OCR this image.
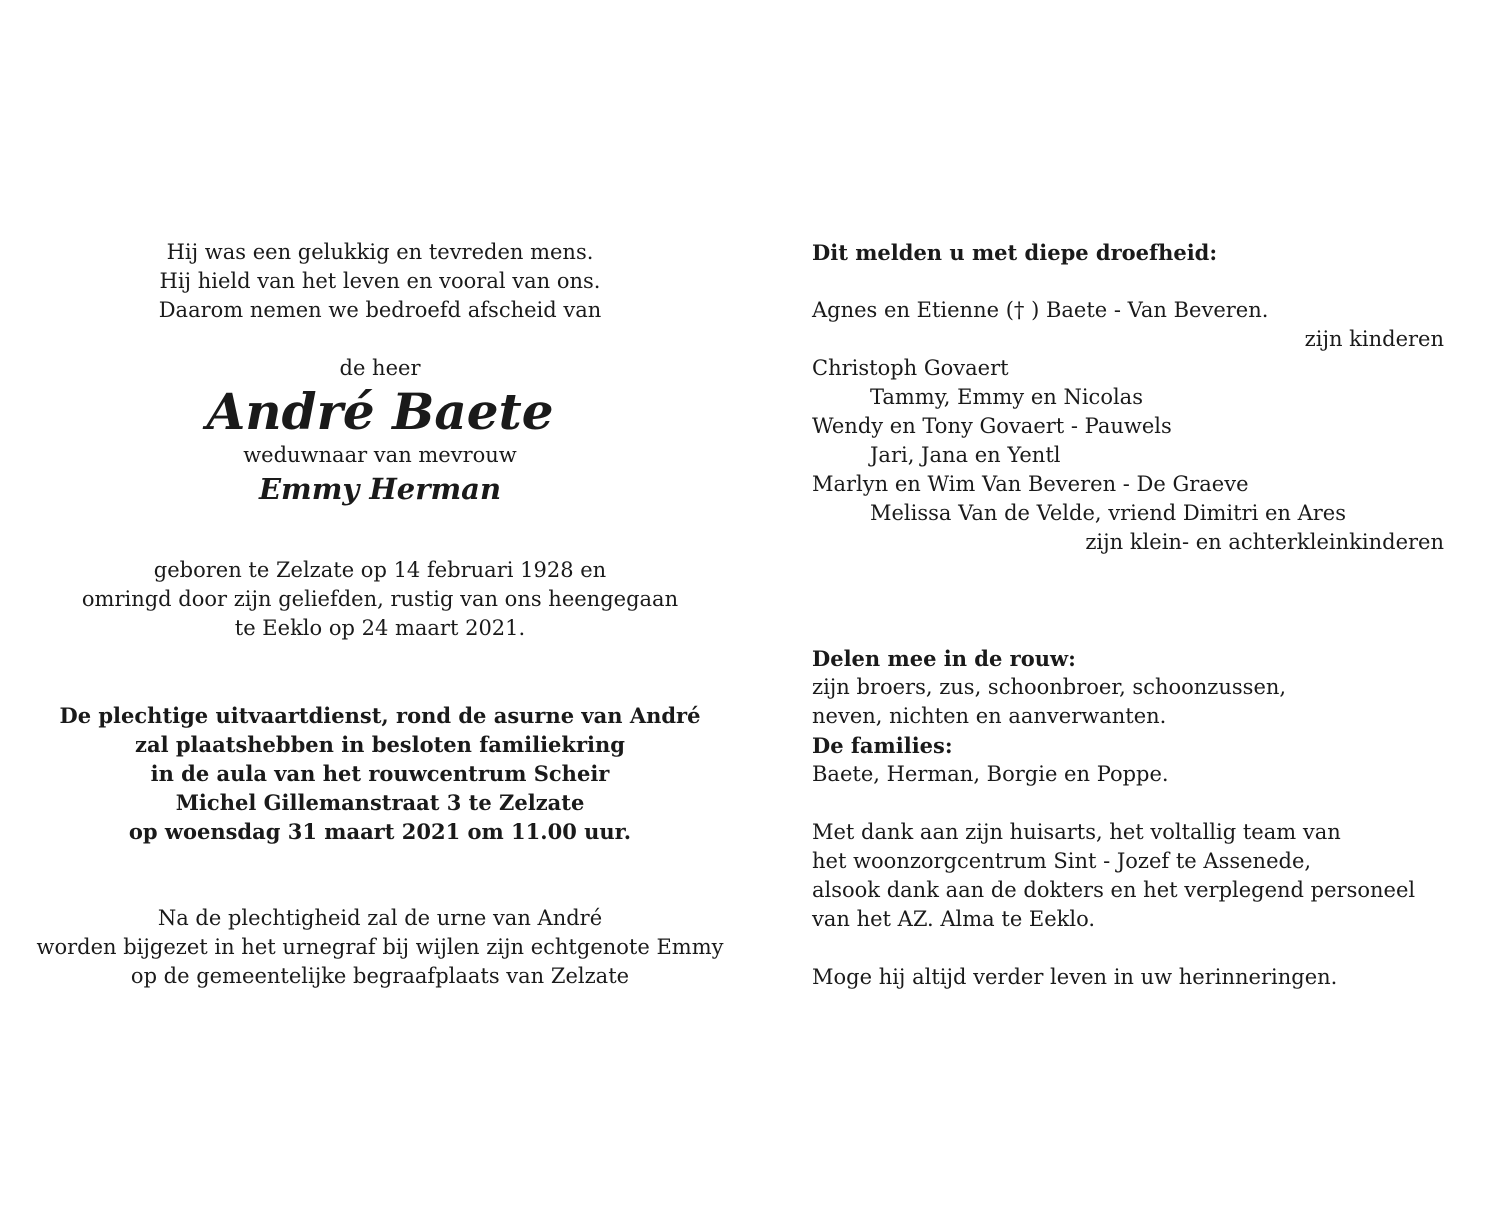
Hij was een gelukkig en tevreden mens.
Hij hield van het leven en vooral van ons.
Daarom nemen we bedroefd afscheid van
de heer
André Baete
weduwnaar van mevrouw
Emmy Herman
geboren te Zelzate op 14 februari 1928 en
omringd door zijn geliefden, rustig van ons heengegaan
te Eeklo op 24 maart 2021.
De plechtige uitvaartdienst, rond de asurne van André
zal plaatshebben in besloten familiekring
in de aula van het rouwcentrum Scheir
Michel Gillemanstraat 3 te Zelzate
op woensdag 31 maart 2021 om 11.00 uur.
Na de plechtigheid zal de urne van André
worden bijgezet in het urnegraf bij wijlen zijn echtgenote Emmy
op de gemeentelijke begraafplaats van Zelzate
Dit melden u met diepe droefheid:
Agnes en Etienne († ) Baete - Van Beveren.
zijn kinderen
Christoph Govaert
Tammy, Emmy en Nicolas
Wendy en Tony Govaert - Pauwels
Jari, Jana en Yentl
Marlyn en Wim Van Beveren - De Graeve
Melissa Van de Velde, vriend Dimitri en Ares
zijn klein- en achterkleinkinderen
Delen mee in de rouw:
zijn broers, zus, schoonbroer, schoonzussen,
neven, nichten en aanverwanten.
De families:
Baete, Herman, Borgie en Poppe.
Met dank aan zijn huisarts, het voltallig team van
het woonzorgcentrum Sint - Jozef te Assenede,
alsook dank aan de dokters en het verplegend personeel
van het AZ. Alma te Eeklo.
Moge hij altijd verder leven in uw herinneringen.
